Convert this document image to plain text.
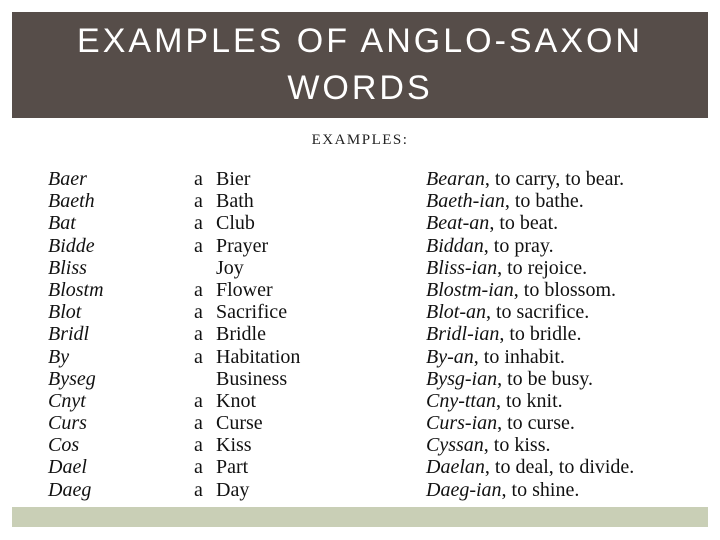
EXAMPLES OF ANGLO-SAXON WORDS
EXAMPLES:
Baer	a Bier	Bearan, to carry, to bear.
Baeth	a Bath	Baeth-ian, to bathe.
Bat	a Club	Beat-an, to beat.
Bidde	a Prayer	Biddan, to pray.
Bliss	Joy	Bliss-ian, to rejoice.
Blostm	a Flower	Blostm-ian, to blossom.
Blot	a Sacrifice	Blot-an, to sacrifice.
Bridl	a Bridle	Bridl-ian, to bridle.
By	a Habitation	By-an, to inhabit.
Byseg	Business	Bysg-ian, to be busy.
Cnyt	a Knot	Cny-ttan, to knit.
Curs	a Curse	Curs-ian, to curse.
Cos	a Kiss	Cyssan, to kiss.
Dael	a Part	Daelan, to deal, to divide.
Daeg	a Day	Daeg-ian, to shine.
